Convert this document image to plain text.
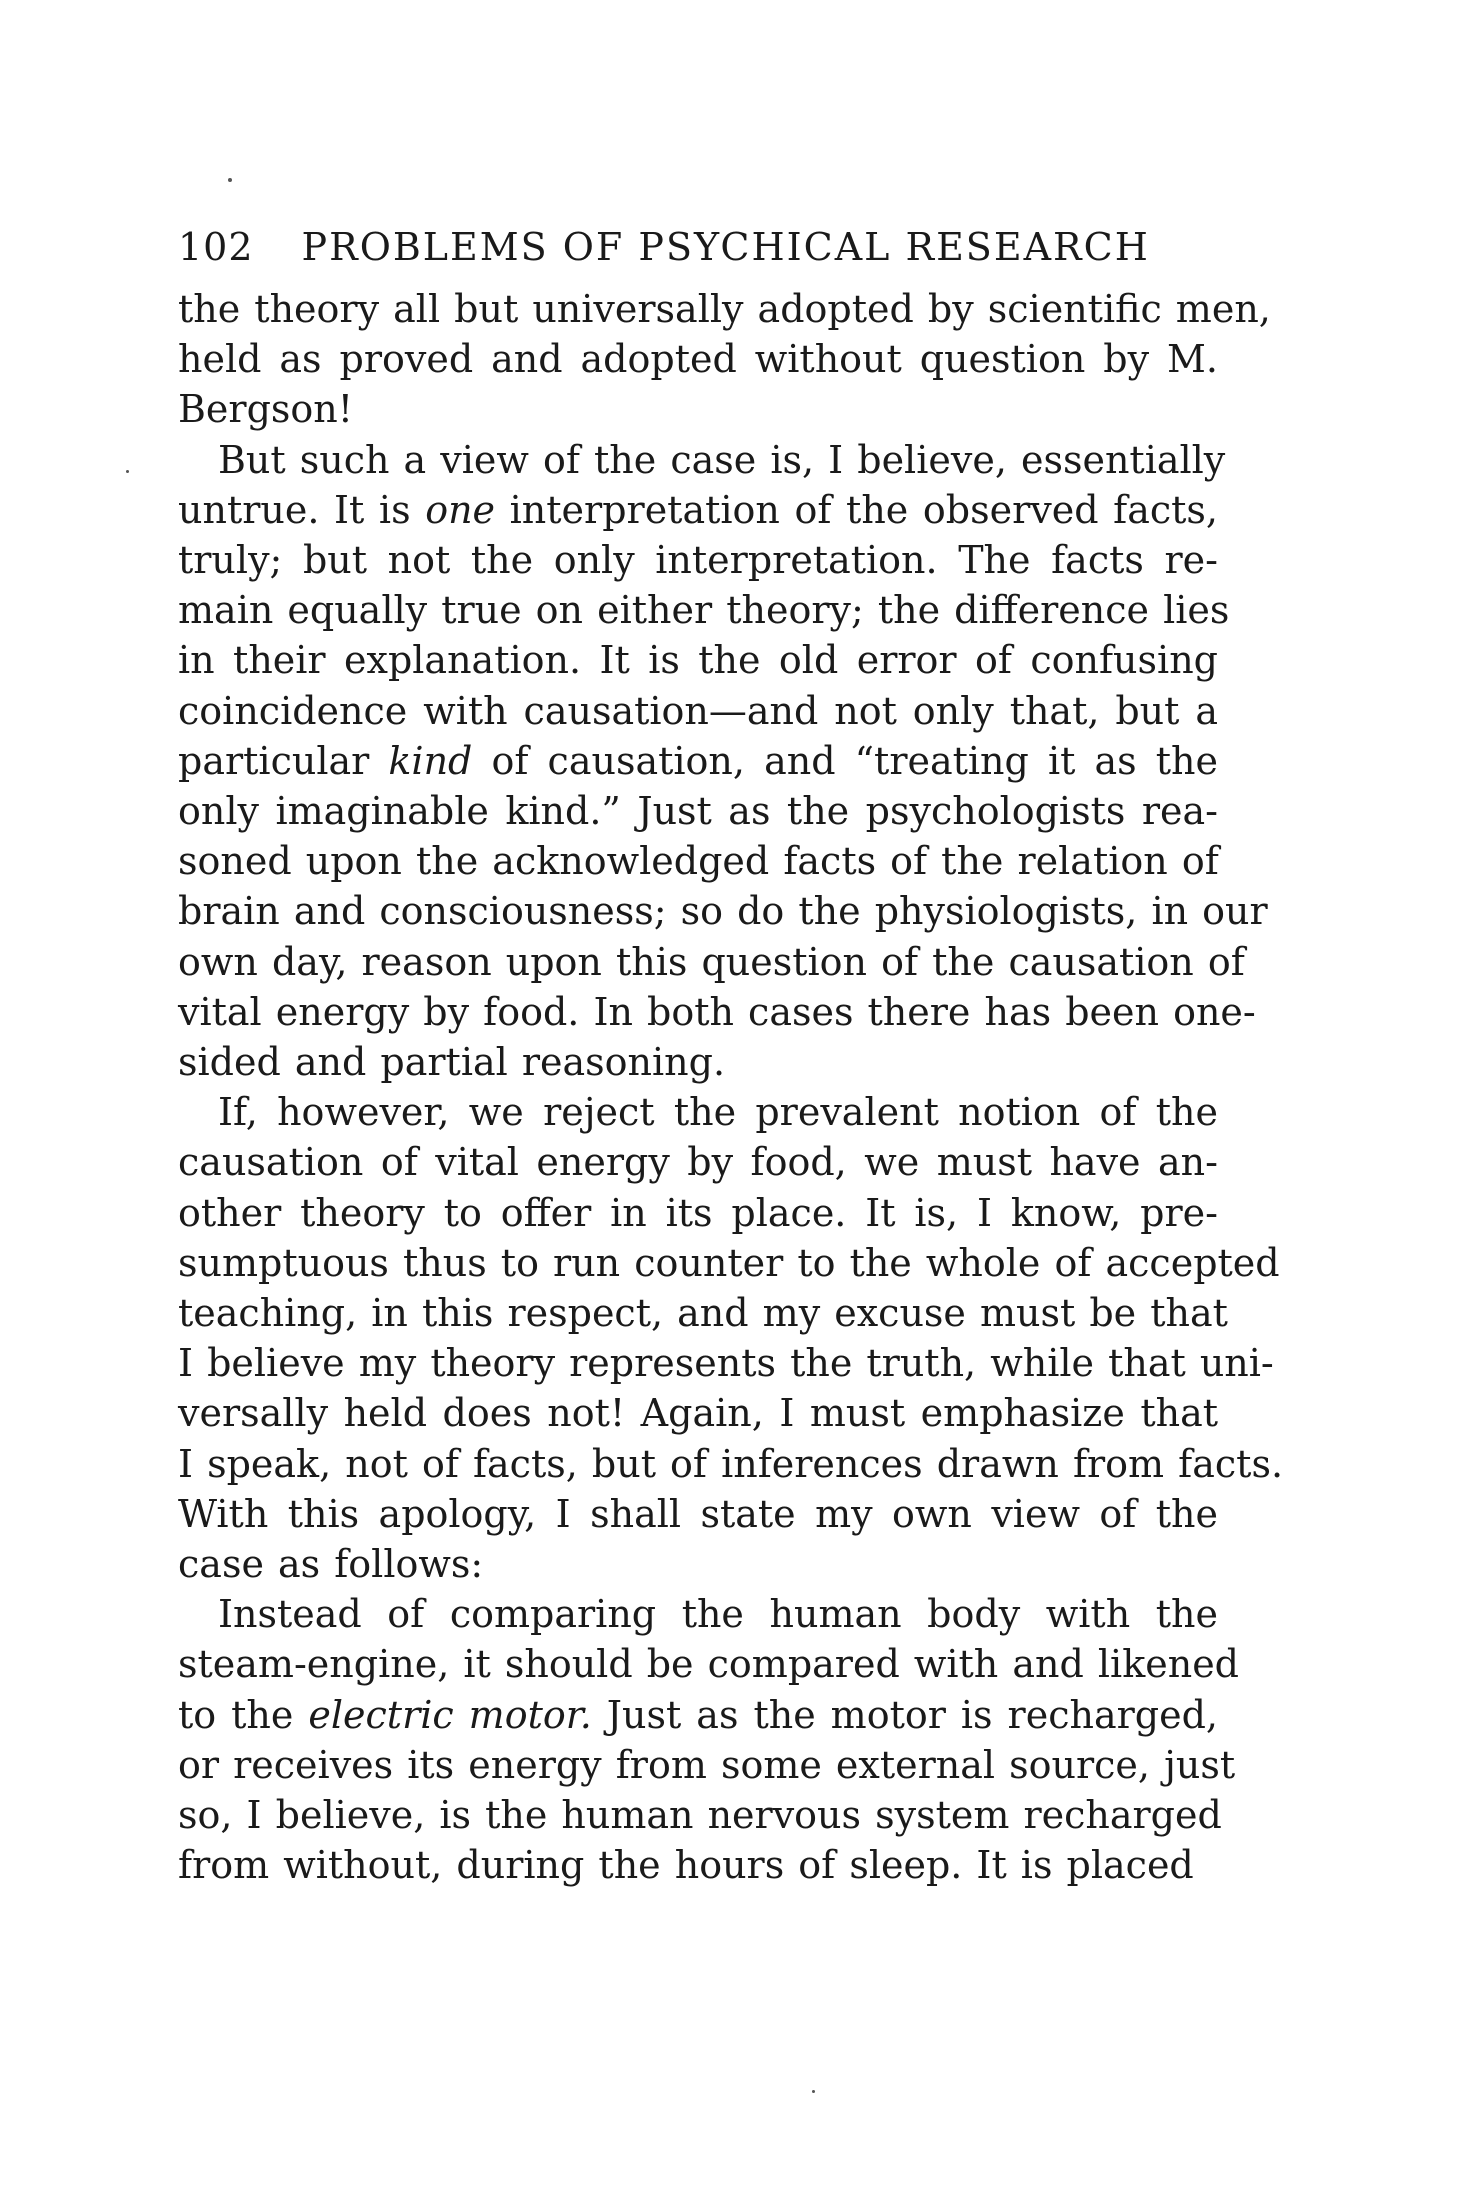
102 PROBLEMS OF PSYCHICAL RESEARCH
the theory all but universally adopted by scientific men,
held as proved and adopted without question by M.
Bergson!
But such a view of the case is, I believe, essentially
untrue. It is one interpretation of the observed facts,
truly; but not the only interpretation. The facts re-
main equally true on either theory; the difference lies
in their explanation. It is the old error of confusing
coincidence with causation—and not only that, but a
particular kind of causation, and “treating it as the
only imaginable kind.” Just as the psychologists rea-
soned upon the acknowledged facts of the relation of
brain and consciousness; so do the physiologists, in our
own day, reason upon this question of the causation of
vital energy by food. In both cases there has been one-
sided and partial reasoning.
If, however, we reject the prevalent notion of the
causation of vital energy by food, we must have an-
other theory to offer in its place. It is, I know, pre-
sumptuous thus to run counter to the whole of accepted
teaching, in this respect, and my excuse must be that
I believe my theory represents the truth, while that uni-
versally held does not! Again, I must emphasize that
I speak, not of facts, but of inferences drawn from facts.
With this apology, I shall state my own view of the
case as follows:
Instead of comparing the human body with the
steam-engine, it should be compared with and likened
to the electric motor. Just as the motor is recharged,
or receives its energy from some external source, just
so, I believe, is the human nervous system recharged
from without, during the hours of sleep. It is placed
